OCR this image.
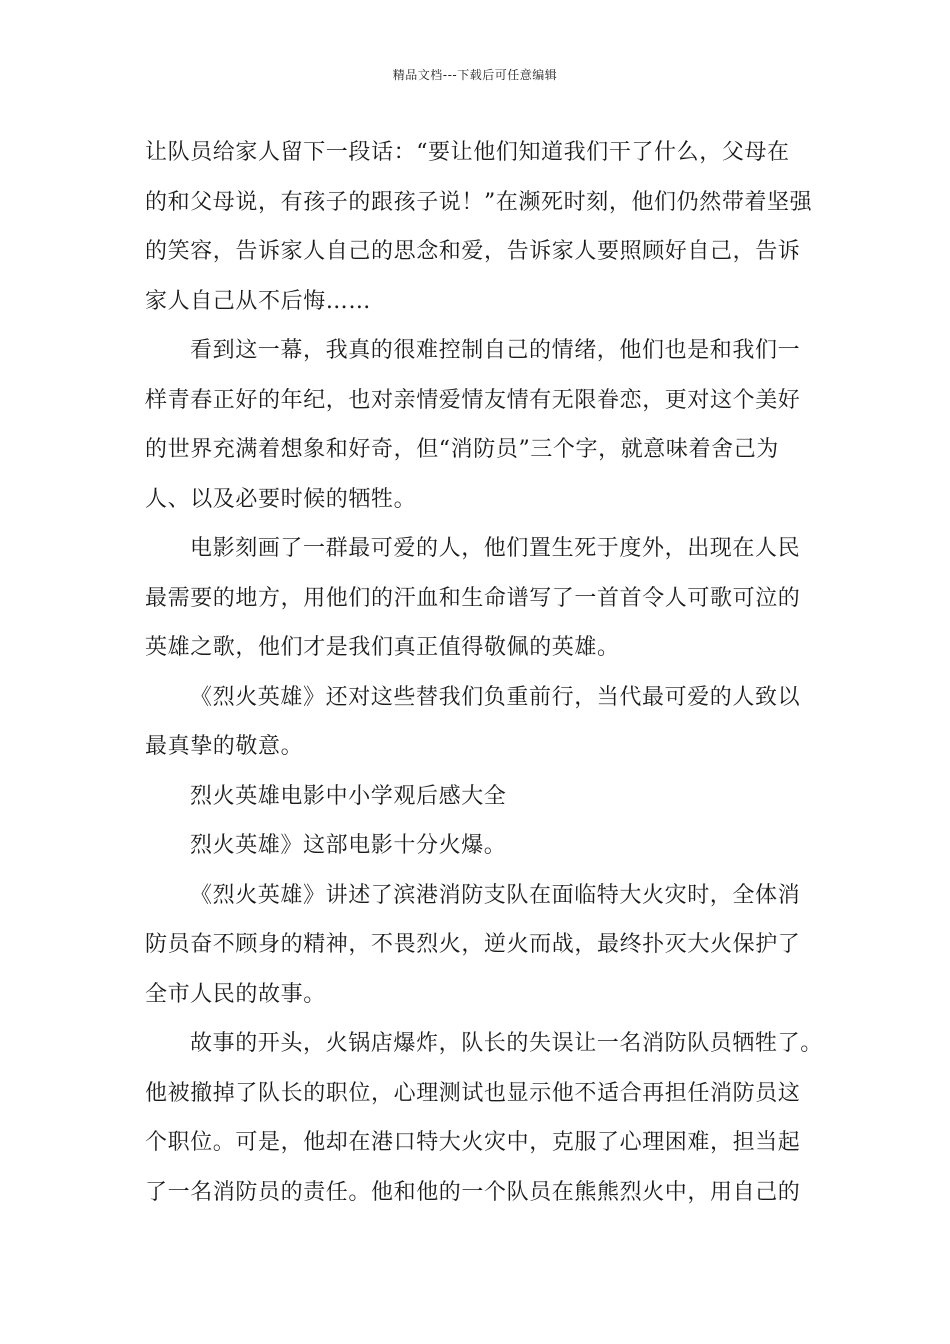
精品文档---下载后可任意编辑

让队员给家人留下一段话：“要让他们知道我们干了什么，父母在
的和父母说，有孩子的跟孩子说！”在濒死时刻，他们仍然带着坚强
的笑容，告诉家人自己的思念和爱，告诉家人要照顾好自己，告诉
家人自己从不后悔……

看到这一幕，我真的很难控制自己的情绪，他们也是和我们一
样青春正好的年纪，也对亲情爱情友情有无限眷恋，更对这个美好
的世界充满着想象和好奇，但“消防员”三个字，就意味着舍己为
人、以及必要时候的牺牲。

电影刻画了一群最可爱的人，他们置生死于度外，出现在人民
最需要的地方，用他们的汗血和生命谱写了一首首令人可歌可泣的
英雄之歌，他们才是我们真正值得敬佩的英雄。

《烈火英雄》还对这些替我们负重前行，当代最可爱的人致以
最真挚的敬意。

烈火英雄电影中小学观后感大全

烈火英雄》这部电影十分火爆。

《烈火英雄》讲述了滨港消防支队在面临特大火灾时，全体消
防员奋不顾身的精神，不畏烈火，逆火而战，最终扑灭大火保护了
全市人民的故事。

故事的开头，火锅店爆炸，队长的失误让一名消防队员牺牲了。
他被撤掉了队长的职位，心理测试也显示他不适合再担任消防员这
个职位。可是，他却在港口特大火灾中，克服了心理困难，担当起
了一名消防员的责任。他和他的一个队员在熊熊烈火中，用自己的
